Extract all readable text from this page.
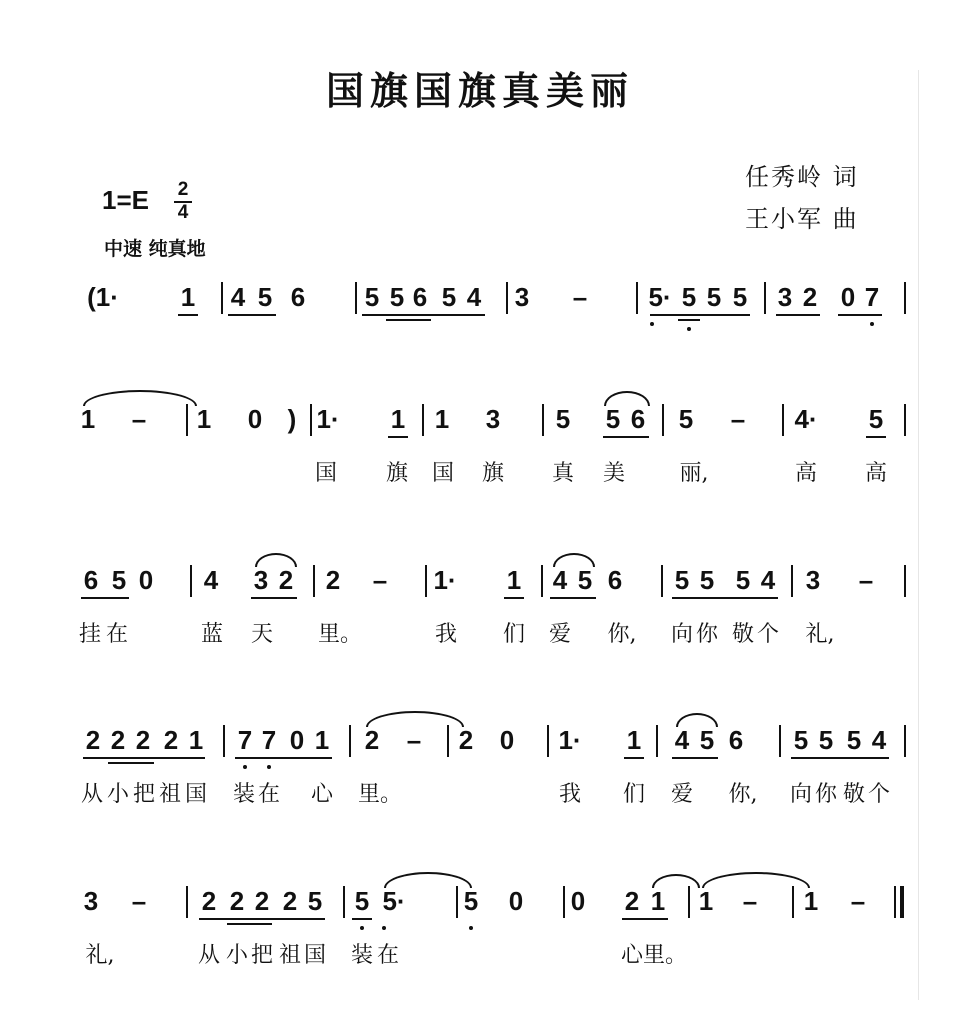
国旗国旗真美丽
任秀岭 词
王小军 曲
$1=E \frac{2}{4}$
中速 纯真地
(1· 1 4 5 6 5 5 6 5 4 3 – 5· 5 5 5 3 2 0 7
1 – 1 0 ) 1· 1 1 3 5 5 6 5 – 4· 5
国 旗 国 旗 真 美 丽,	高 高
6 5 0 4 3 2 2 – 1· 1 4 5 6 5 5 5 4 3 –
挂 在	蓝 天 里。	我 们 爱 你, 向 你 敬 个 礼,
2 2 2 2 1 7 7 0 1 2 – 2 0 1· 1 4 5 6 5 5 5 4
从 小 把 祖 国 装 在 心 里。	我 们 爱 你, 向 你 敬 个
3 – 2 2 2 2 5 5 5· 5 0 0 2 1 1 – 1 –
礼,	从 小 把 祖 国 装 在	心 里。
